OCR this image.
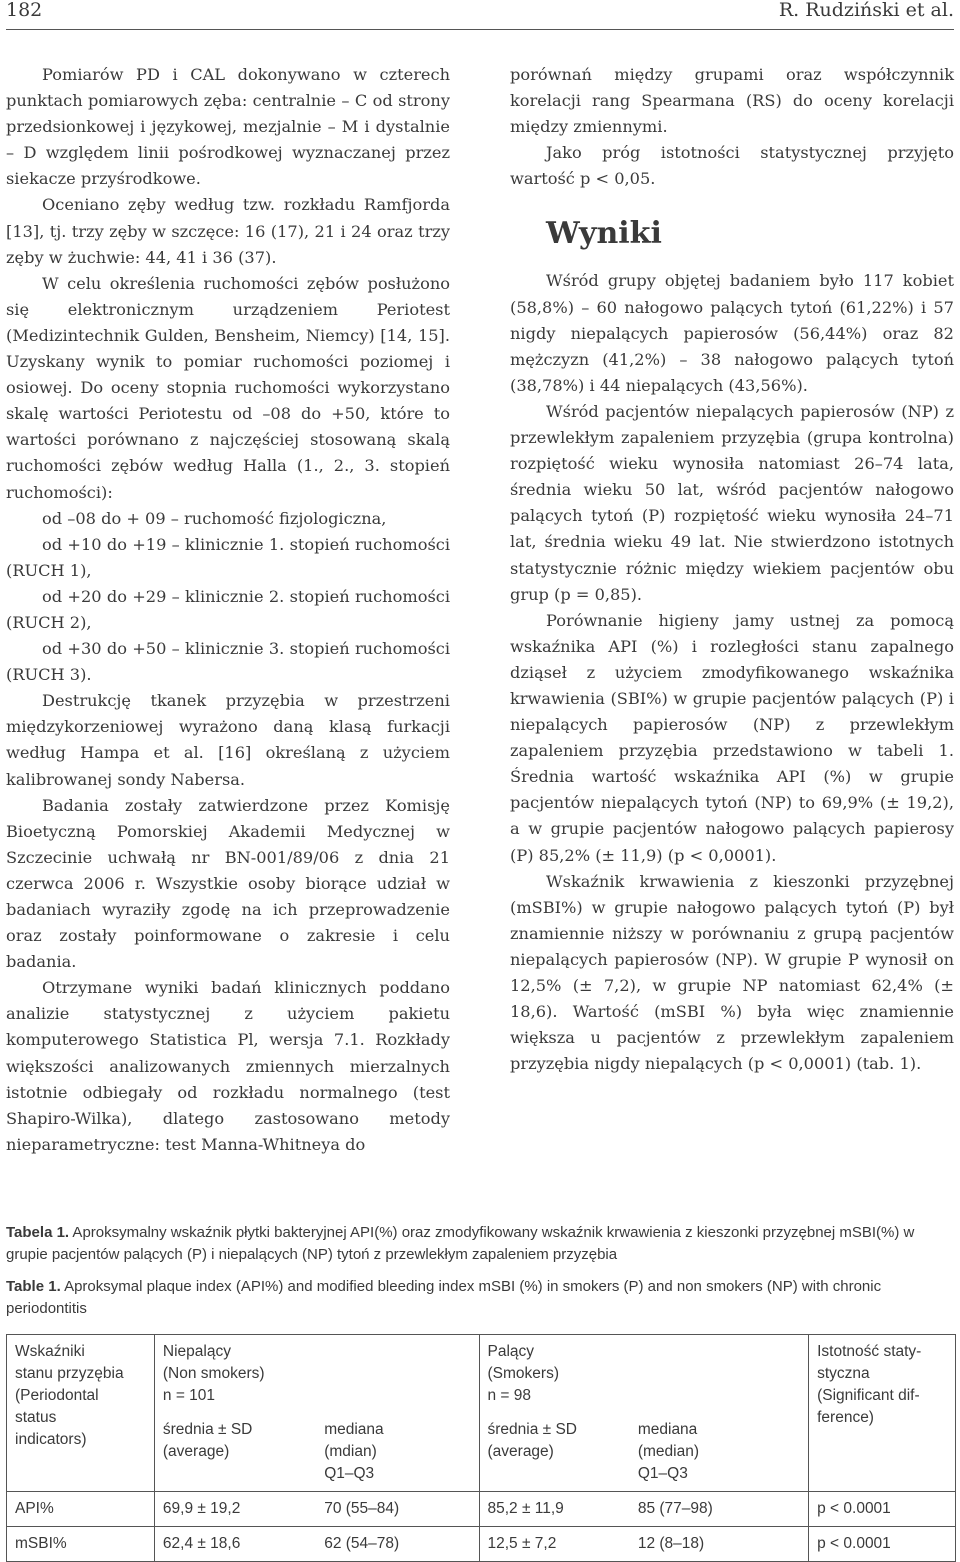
182	R. Rudziński et al.

Pomiarów PD i CAL dokonywano w czterech punktach pomiarowych zęba: centralnie – C od strony przedsionkowej i językowej, mezjalnie – M i dystalnie – D względem linii pośrodkowej wyznaczanej przez siekacze przyśrodkowe.

Oceniano zęby według tzw. rozkładu Ramfjorda [13], tj. trzy zęby w szczęce: 16 (17), 21 i 24 oraz trzy zęby w żuchwie: 44, 41 i 36 (37).

W celu określenia ruchomości zębów posłużono się elektronicznym urządzeniem Periotest (Medizintechnik Gulden, Bensheim, Niemcy) [14, 15]. Uzyskany wynik to pomiar ruchomości poziomej i osiowej. Do oceny stopnia ruchomości wykorzystano skalę wartości Periotestu od –08 do +50, które to wartości porównano z najczęściej stosowaną skalą ruchomości zębów według Halla (1., 2., 3. stopień ruchomości):

od –08 do + 09 – ruchomość fizjologiczna,

od +10 do +19 – klinicznie 1. stopień ruchomości (RUCH 1),

od +20 do +29 – klinicznie 2. stopień ruchomości (RUCH 2),

od +30 do +50 – klinicznie 3. stopień ruchomości (RUCH 3).

Destrukcję tkanek przyzębia w przestrzeni międzykorzeniowej wyrażono daną klasą furkacji według Hampa et al. [16] określaną z użyciem kalibrowanej sondy Nabersa.

Badania zostały zatwierdzone przez Komisję Bioetyczną Pomorskiej Akademii Medycznej w Szczecinie uchwałą nr BN-001/89/06 z dnia 21 czerwca 2006 r. Wszystkie osoby biorące udział w badaniach wyraziły zgodę na ich przeprowadzenie oraz zostały poinformowane o zakresie i celu badania.

Otrzymane wyniki badań klinicznych poddano analizie statystycznej z użyciem pakietu komputerowego Statistica Pl, wersja 7.1. Rozkłady większości analizowanych zmiennych mierzalnych istotnie odbiegały od rozkładu normalnego (test Shapiro-Wilka), dlatego zastosowano metody nieparametryczne: test Manna-Whitneya do

porównań między grupami oraz współczynnik korelacji rang Spearmana (RS) do oceny korelacji między zmiennymi.

Jako próg istotności statystycznej przyjęto wartość p < 0,05.

Wyniki

Wśród grupy objętej badaniem było 117 kobiet (58,8%) – 60 nałogowo palących tytoń (61,22%) i 57 nigdy niepalących papierosów (56,44%) oraz 82 mężczyzn (41,2%) – 38 nałogowo palących tytoń (38,78%) i 44 niepalących (43,56%).

Wśród pacjentów niepalących papierosów (NP) z przewlekłym zapaleniem przyzębia (grupa kontrolna) rozpiętość wieku wynosiła natomiast 26–74 lata, średnia wieku 50 lat, wśród pacjentów nałogowo palących tytoń (P) rozpiętość wieku wynosiła 24–71 lat, średnia wieku 49 lat. Nie stwierdzono istotnych statystycznie różnic między wiekiem pacjentów obu grup (p = 0,85).

Porównanie higieny jamy ustnej za pomocą wskaźnika API (%) i rozległości stanu zapalnego dziąseł z użyciem zmodyfikowanego wskaźnika krwawienia (SBI%) w grupie pacjentów palących (P) i niepalących papierosów (NP) z przewlekłym zapaleniem przyzębia przedstawiono w tabeli 1. Średnia wartość wskaźnika API (%) w grupie pacjentów niepalących tytoń (NP) to 69,9% (± 19,2), a w grupie pacjentów nałogowo palących papierosy (P) 85,2% (± 11,9) (p < 0,0001).

Wskaźnik krwawienia z kieszonki przyzębnej (mSBI%) w grupie nałogowo palących tytoń (P) był znamiennie niższy w porównaniu z grupą pacjentów niepalących papierosów (NP). W grupie P wynosił on 12,5% (± 7,2), w grupie NP natomiast 62,4% (± 18,6). Wartość (mSBI %) była więc znamiennie większa u pacjentów z przewlekłym zapaleniem przyzębia nigdy niepalących (p < 0,0001) (tab. 1).

Tabela 1. Aproksymalny wskaźnik płytki bakteryjnej API(%) oraz zmodyfikowany wskaźnik krwawienia z kieszonki przyzębnej mSBI(%) w grupie pacjentów palących (P) i niepalących (NP) tytoń z przewlekłym zapaleniem przyzębia
Table 1. Aproksymal plaque index (API%) and modified bleeding index mSBI (%) in smokers (P) and non smokers (NP) with chronic periodontitis
Wskaźniki
stanu przyzębia
(Periodontal
status
indicators)	Niepalący
(Non smokers)
n = 101		Palący
(Smokers)
n = 98		Istotność staty-
styczna
(Significant dif-
ference)

	średnia ± SD
(average)	mediana
(mdian)
Q1–Q3	średnia ± SD
(average)	mediana
(median)
Q1–Q3	

API%	69,9 ± 19,2	70 (55–84)	85,2 ± 11,9	85 (77–98)	p < 0.0001
mSBI%	62,4 ± 18,6	62 (54–78)	12,5 ± 7,2	12 (8–18)	p < 0.0001
